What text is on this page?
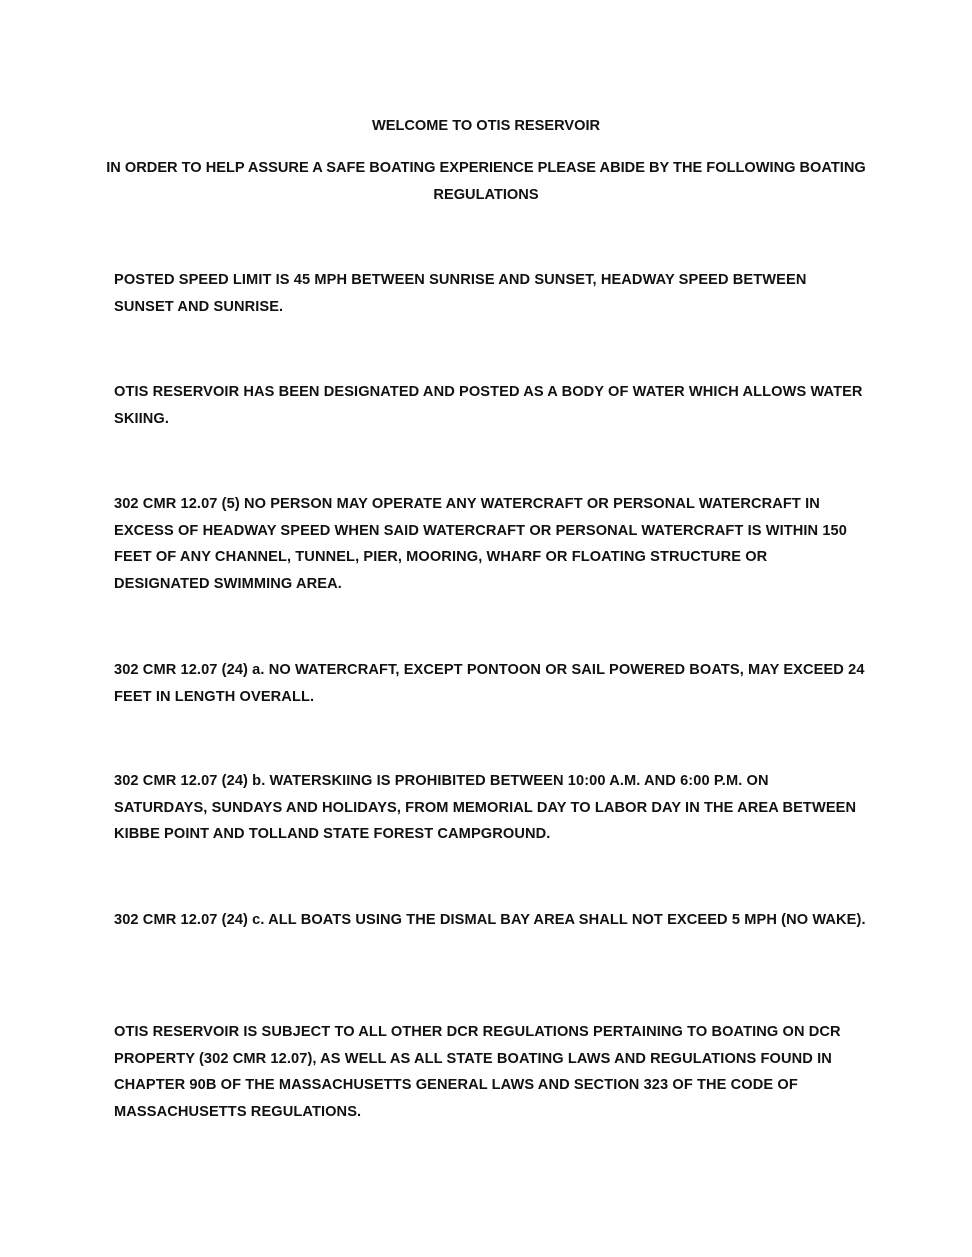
WELCOME TO OTIS RESERVOIR
IN ORDER TO HELP ASSURE A SAFE BOATING EXPERIENCE PLEASE ABIDE BY THE FOLLOWING BOATING REGULATIONS

POSTED SPEED LIMIT IS 45 MPH BETWEEN SUNRISE AND SUNSET, HEADWAY SPEED BETWEEN SUNSET AND SUNRISE.

OTIS RESERVOIR HAS BEEN DESIGNATED AND POSTED AS A BODY OF WATER WHICH ALLOWS WATER SKIING.

302 CMR 12.07 (5) NO PERSON MAY OPERATE ANY WATERCRAFT OR PERSONAL WATERCRAFT IN EXCESS OF HEADWAY SPEED WHEN SAID WATERCRAFT OR PERSONAL WATERCRAFT IS WITHIN 150 FEET OF ANY CHANNEL, TUNNEL, PIER, MOORING, WHARF OR FLOATING STRUCTURE OR DESIGNATED SWIMMING AREA.

302 CMR 12.07 (24) a. NO WATERCRAFT, EXCEPT PONTOON OR SAIL POWERED BOATS, MAY EXCEED 24 FEET IN LENGTH OVERALL.

302 CMR 12.07 (24) b. WATERSKIING IS PROHIBITED BETWEEN 10:00 A.M. AND 6:00 P.M. ON SATURDAYS, SUNDAYS AND HOLIDAYS, FROM MEMORIAL DAY TO LABOR DAY IN THE AREA BETWEEN KIBBE POINT AND TOLLAND STATE FOREST CAMPGROUND.

302 CMR 12.07 (24) c. ALL BOATS USING THE DISMAL BAY AREA SHALL NOT EXCEED 5 MPH (NO WAKE).

OTIS RESERVOIR IS SUBJECT TO ALL OTHER DCR REGULATIONS PERTAINING TO BOATING ON DCR PROPERTY (302 CMR 12.07), AS WELL AS ALL STATE BOATING LAWS AND REGULATIONS FOUND IN CHAPTER 90B OF THE MASSACHUSETTS GENERAL LAWS AND SECTION 323 OF THE CODE OF MASSACHUSETTS REGULATIONS.
